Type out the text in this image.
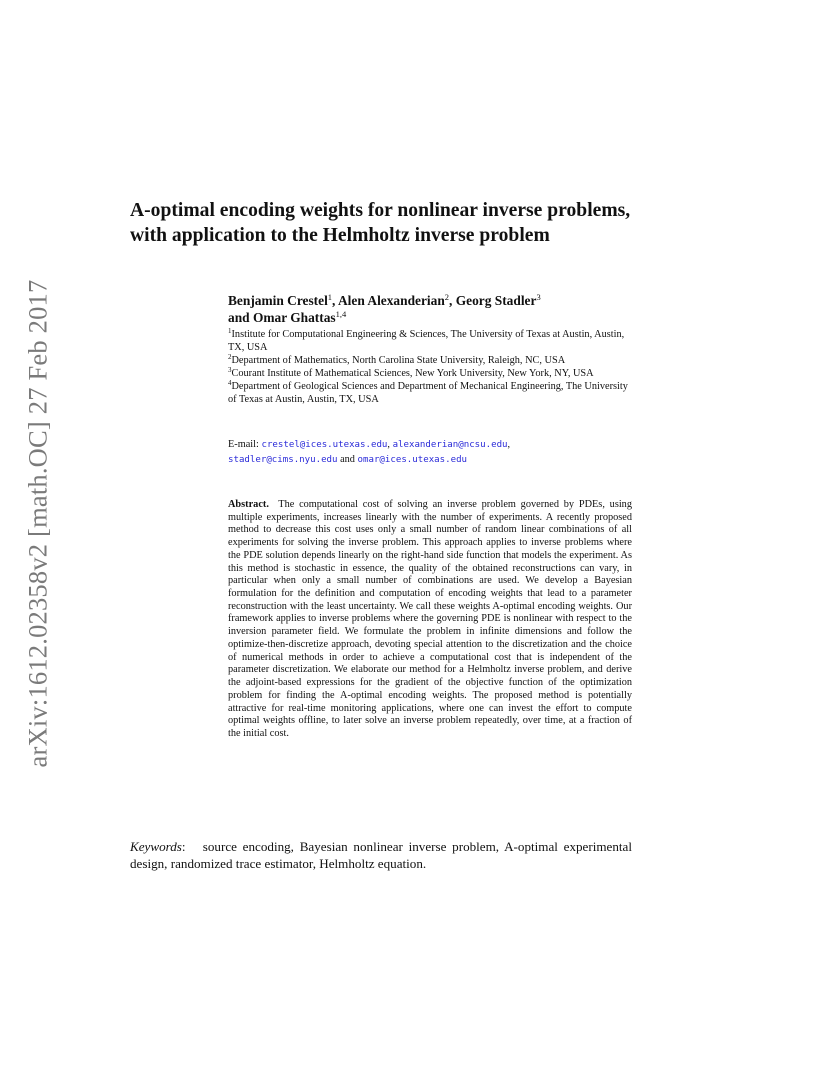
arXiv:1612.02358v2 [math.OC] 27 Feb 2017
A-optimal encoding weights for nonlinear inverse problems, with application to the Helmholtz inverse problem
Benjamin Crestel$^1$, Alen Alexanderian$^2$, Georg Stadler$^3$
and Omar Ghattas$^{1,4}$
$^1$Institute for Computational Engineering & Sciences, The University of Texas at Austin, Austin, TX, USA
$^2$Department of Mathematics, North Carolina State University, Raleigh, NC, USA
$^3$Courant Institute of Mathematical Sciences, New York University, New York, NY, USA
$^4$Department of Geological Sciences and Department of Mechanical Engineering, The University of Texas at Austin, Austin, TX, USA
E-mail: crestel@ices.utexas.edu, alexanderian@ncsu.edu,
stadler@cims.nyu.edu and omar@ices.utexas.edu

Abstract. The computational cost of solving an inverse problem governed by PDEs, using multiple experiments, increases linearly with the number of experiments. A recently proposed method to decrease this cost uses only a small number of random linear combinations of all experiments for solving the inverse problem. This approach applies to inverse problems where the PDE solution depends linearly on the right-hand side function that models the experiment. As this method is stochastic in essence, the quality of the obtained reconstructions can vary, in particular when only a small number of combinations are used. We develop a Bayesian formulation for the definition and computation of encoding weights that lead to a parameter reconstruction with the least uncertainty. We call these weights A-optimal encoding weights. Our framework applies to inverse problems where the governing PDE is nonlinear with respect to the inversion parameter field. We formulate the problem in infinite dimensions and follow the optimize-then-discretize approach, devoting special attention to the discretization and the choice of numerical methods in order to achieve a computational cost that is independent of the parameter discretization. We elaborate our method for a Helmholtz inverse problem, and derive the adjoint-based expressions for the gradient of the objective function of the optimization problem for finding the A-optimal encoding weights. The proposed method is potentially attractive for real-time monitoring applications, where one can invest the effort to compute optimal weights offline, to later solve an inverse problem repeatedly, over time, at a fraction of the initial cost.

Keywords: source encoding, Bayesian nonlinear inverse problem, A-optimal experimental design, randomized trace estimator, Helmholtz equation.
